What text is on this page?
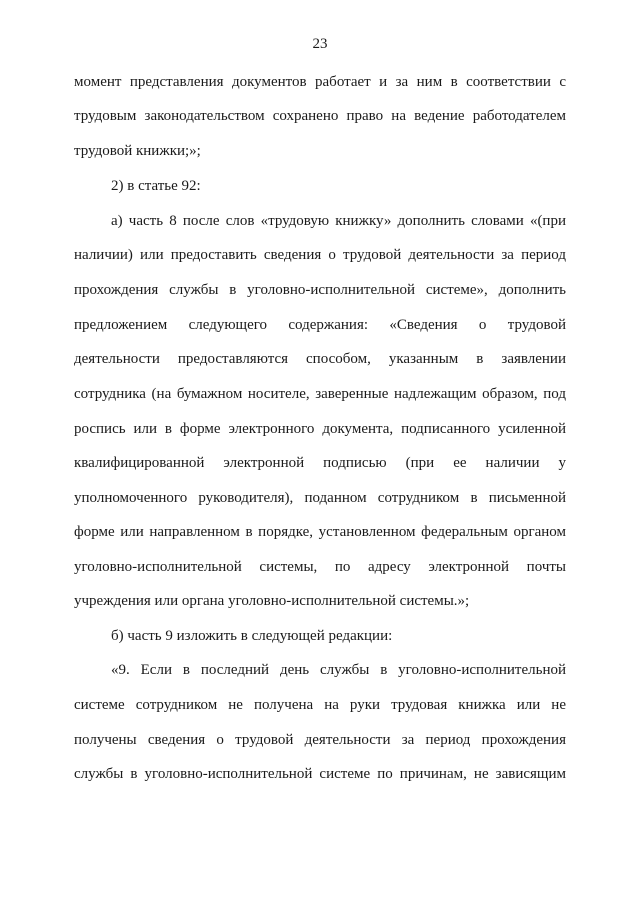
23
момент представления документов работает и за ним в соответствии с
трудовым законодательством сохранено право на ведение работодателем
трудовой книжки;»;
2) в статье 92:
а) часть 8 после слов «трудовую книжку» дополнить словами «(при
наличии) или предоставить сведения о трудовой деятельности за период
прохождения службы в уголовно-исполнительной системе», дополнить
предложением следующего содержания: «Сведения о трудовой
деятельности предоставляются способом, указанным в заявлении
сотрудника (на бумажном носителе, заверенные надлежащим образом, под
роспись или в форме электронного документа, подписанного усиленной
квалифицированной электронной подписью (при ее наличии у
уполномоченного руководителя), поданном сотрудником в письменной
форме или направленном в порядке, установленном федеральным органом
уголовно-исполнительной системы, по адресу электронной почты
учреждения или органа уголовно-исполнительной системы.»;
б) часть 9 изложить в следующей редакции:
«9. Если в последний день службы в уголовно-исполнительной
системе сотрудником не получена на руки трудовая книжка или не
получены сведения о трудовой деятельности за период прохождения
службы в уголовно-исполнительной системе по причинам, не зависящим
